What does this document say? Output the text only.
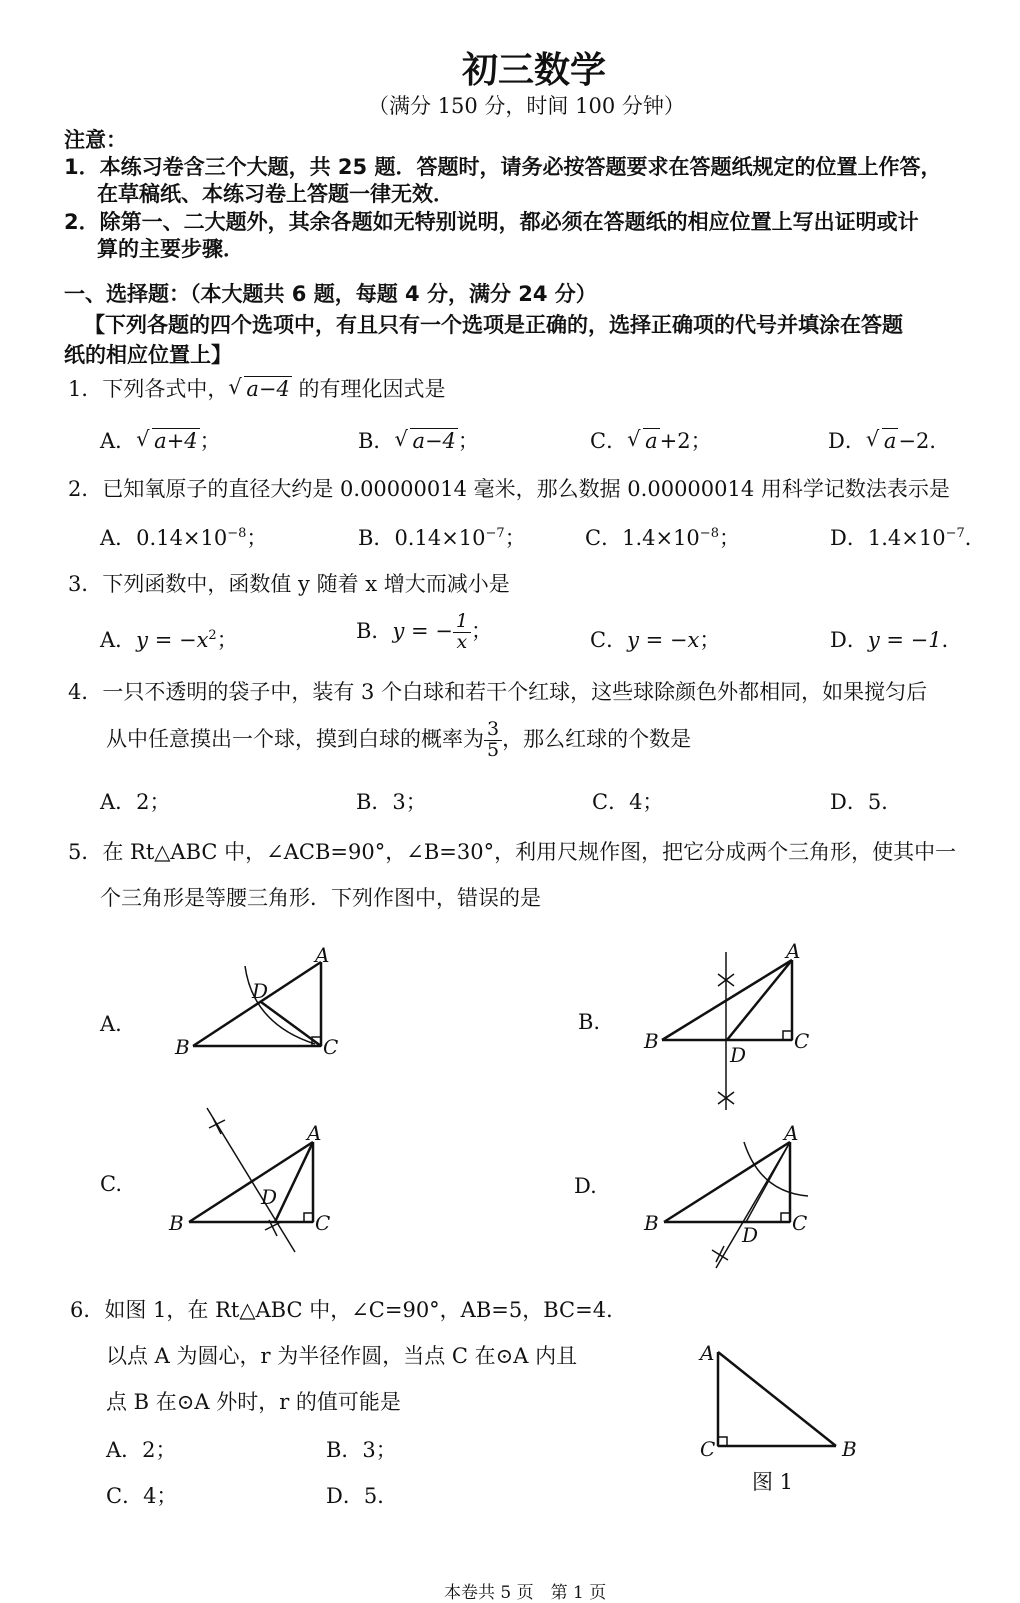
初三数学
（满分 150 分，时间 100 分钟）
注意：
1．本练习卷含三个大题，共 25 题．答题时，请务必按答题要求在答题纸规定的位置上作答，
在草稿纸、本练习卷上答题一律无效．
2．除第一、二大题外，其余各题如无特别说明，都必须在答题纸的相应位置上写出证明或计
算的主要步骤．
一、选择题：（本大题共 6 题，每题 4 分，满分 24 分）
【下列各题的四个选项中，有且只有一个选项是正确的，选择正确项的代号并填涂在答题
纸的相应位置上】
1．下列各式中， √ a−4 的有理化因式是
A． √ a+4；	B． √ a−4；	C． √ a+2；	D． √ a−2．
2．已知氧原子的直径大约是 0.00000014 毫米，那么数据 0.00000014 用科学记数法表示是
A．$0.14\times 10^{-8}$；	B．$0.14\times 10^{-7}$；	C．$1.4\times 10^{-8}$；	D．$1.4\times 10^{-7}$．
3．下列函数中，函数值 y 随着 x 增大而减小是
A．$y = -x^2$；	B．y = − $\frac{1}{x}$ ；	C．y = −x；	D．y = −1．
4．一只不透明的袋子中，装有 3 个白球和若干个红球，这些球除颜色外都相同，如果搅匀后
从中任意摸出一个球，摸到白球的概率为 $\frac{3}{5}$ ，那么红球的个数是
A．2；	B．3；	C．4；	D．5．
5．在 Rt△ABC 中，∠ACB=90°，∠B=30°，利用尺规作图，把它分成两个三角形，使其中一
个三角形是等腰三角形．下列作图中，错误的是
A.	B.
C.	D.
A
B	C
D
A
B	C
D
A
B	C
D
A
B	C
D
6．如图 1，在 Rt△ABC 中，∠C=90°，AB=5，BC=4．
以点 A 为圆心，r 为半径作圆，当点 C 在⊙A 内且
点 B 在⊙A 外时，r 的值可能是
A．2；	B．3；
C．4；	D．5．
A
C	B
图 1
本卷共 5 页　第 1 页
